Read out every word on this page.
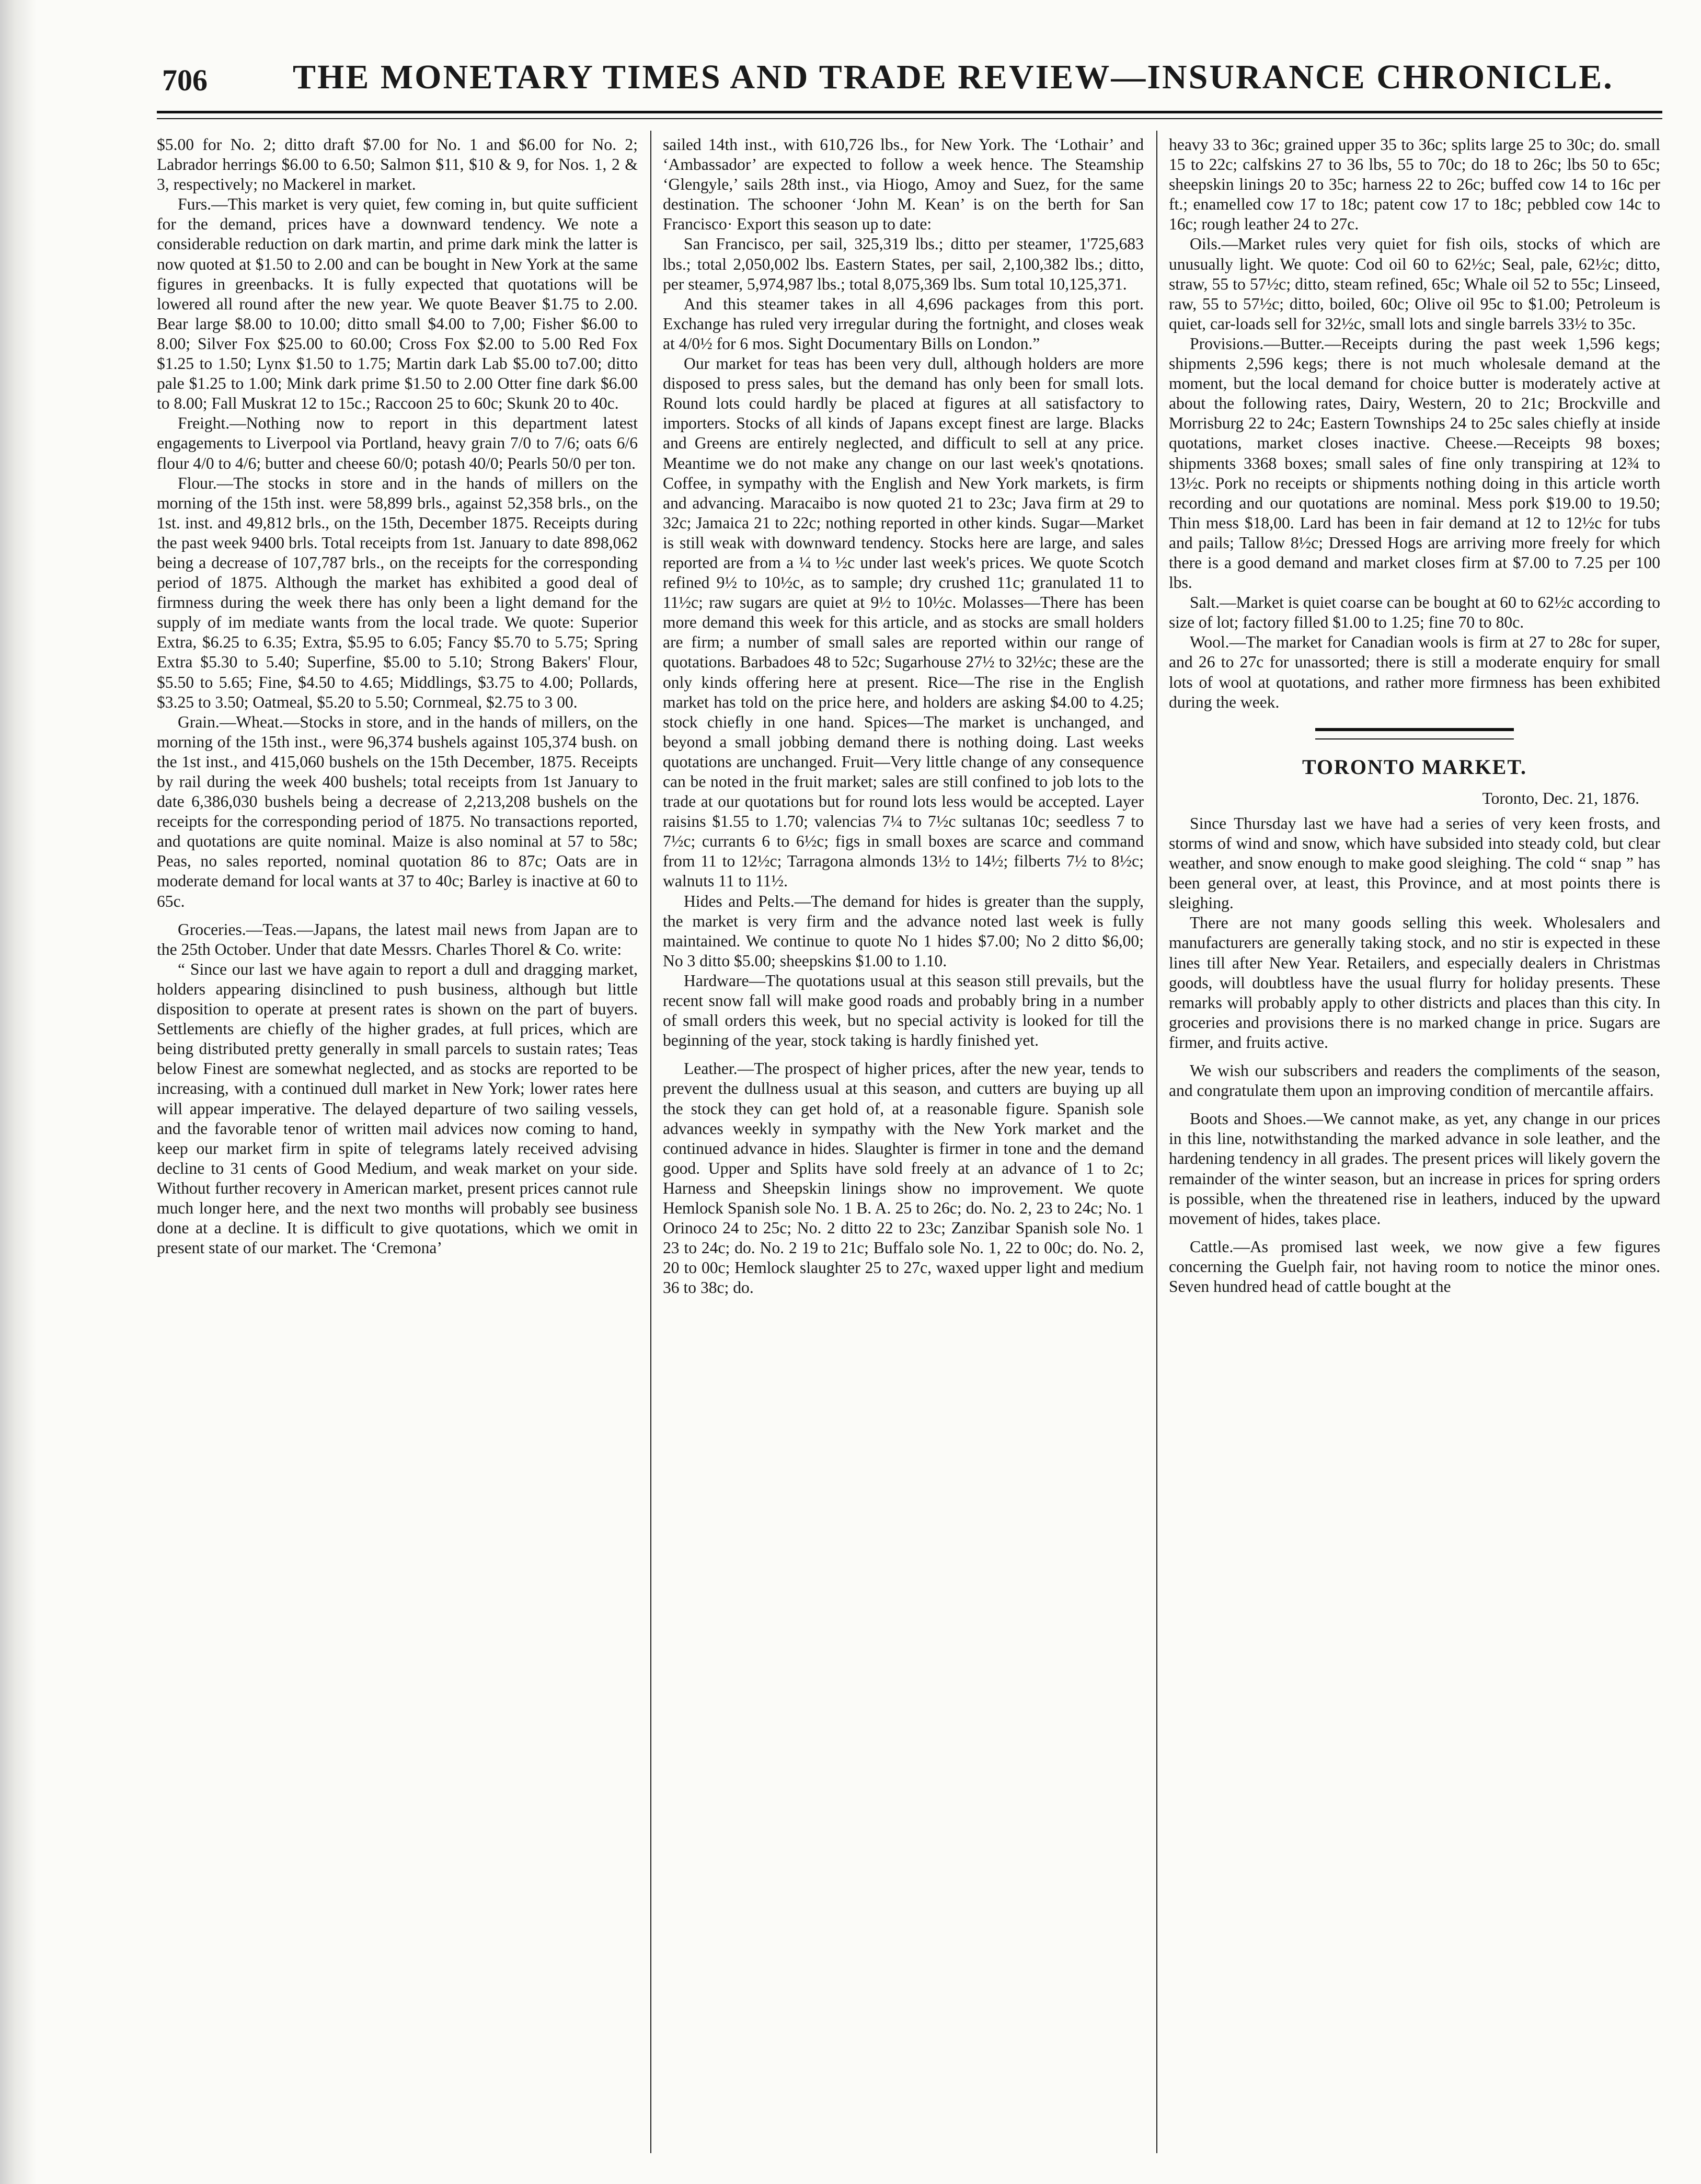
706 THE MONETARY TIMES AND TRADE REVIEW—INSURANCE CHRONICLE.

$5.00 for No. 2; ditto draft $7.00 for No. 1 and $6.00 for No. 2; Labrador herrings $6.00 to 6.50; Salmon $11, $10 & 9, for Nos. 1, 2 & 3, respectively; no Mackerel in market.

Furs.—This market is very quiet, few coming in, but quite sufficient for the demand, prices have a downward tendency. We note a considerable reduction on dark martin, and prime dark mink the latter is now quoted at $1.50 to 2.00 and can be bought in New York at the same figures in greenbacks. It is fully expected that quotations will be lowered all round after the new year. We quote Beaver $1.75 to 2.00. Bear large $8.00 to 10.00; ditto small $4.00 to 7,00; Fisher $6.00 to 8.00; Silver Fox $25.00 to 60.00; Cross Fox $2.00 to 5.00 Red Fox $1.25 to 1.50; Lynx $1.50 to 1.75; Martin dark Lab $5.00 to7.00; ditto pale $1.25 to 1.00; Mink dark prime $1.50 to 2.00 Otter fine dark $6.00 to 8.00; Fall Muskrat 12 to 15c.; Raccoon 25 to 60c; Skunk 20 to 40c.

Freight.—Nothing now to report in this department latest engagements to Liverpool via Portland, heavy grain 7/0 to 7/6; oats 6/6 flour 4/0 to 4/6; butter and cheese 60/0; potash 40/0; Pearls 50/0 per ton.

Flour.—The stocks in store and in the hands of millers on the morning of the 15th inst. were 58,899 brls., against 52,358 brls., on the 1st. inst. and 49,812 brls., on the 15th, December 1875. Receipts during the past week 9400 brls. Total receipts from 1st. January to date 898,062 being a decrease of 107,787 brls., on the receipts for the corresponding period of 1875. Although the market has exhibited a good deal of firmness during the week there has only been a light demand for the supply of im mediate wants from the local trade. We quote: Superior Extra, $6.25 to 6.35; Extra, $5.95 to 6.05; Fancy $5.70 to 5.75; Spring Extra $5.30 to 5.40; Superfine, $5.00 to 5.10; Strong Bakers' Flour, $5.50 to 5.65; Fine, $4.50 to 4.65; Middlings, $3.75 to 4.00; Pollards, $3.25 to 3.50; Oatmeal, $5.20 to 5.50; Cornmeal, $2.75 to 3 00.

Grain.—Wheat.—Stocks in store, and in the hands of millers, on the morning of the 15th inst., were 96,374 bushels against 105,374 bush. on the 1st inst., and 415,060 bushels on the 15th December, 1875. Receipts by rail during the week 400 bushels; total receipts from 1st January to date 6,386,030 bushels being a decrease of 2,213,208 bushels on the receipts for the corresponding period of 1875. No transactions reported, and quotations are quite nominal. Maize is also nominal at 57 to 58c; Peas, no sales reported, nominal quotation 86 to 87c; Oats are in moderate demand for local wants at 37 to 40c; Barley is inactive at 60 to 65c.

Groceries.—Teas.—Japans, the latest mail news from Japan are to the 25th October. Under that date Messrs. Charles Thorel & Co. write:

“ Since our last we have again to report a dull and dragging market, holders appearing disinclined to push business, although but little disposition to operate at present rates is shown on the part of buyers. Settlements are chiefly of the higher grades, at full prices, which are being distributed pretty generally in small parcels to sustain rates; Teas below Finest are somewhat neglected, and as stocks are reported to be increasing, with a continued dull market in New York; lower rates here will appear imperative. The delayed departure of two sailing vessels, and the favorable tenor of written mail advices now coming to hand, keep our market firm in spite of telegrams lately received advising decline to 31 cents of Good Medium, and weak market on your side. Without further recovery in American market, present prices cannot rule much longer here, and the next two months will probably see business done at a decline. It is difficult to give quotations, which we omit in present state of our market. The ‘Cremona’

sailed 14th inst., with 610,726 lbs., for New York. The ‘Lothair’ and ‘Ambassador’ are expected to follow a week hence. The Steamship ‘Glengyle,’ sails 28th inst., via Hiogo, Amoy and Suez, for the same destination. The schooner ‘John M. Kean’ is on the berth for San Francisco· Export this season up to date:

San Francisco, per sail, 325,319 lbs.; ditto per steamer, 1'725,683 lbs.; total 2,050,002 lbs. Eastern States, per sail, 2,100,382 lbs.; ditto, per steamer, 5,974,987 lbs.; total 8,075,369 lbs. Sum total 10,125,371.

And this steamer takes in all 4,696 packages from this port. Exchange has ruled very irregular during the fortnight, and closes weak at 4/0½ for 6 mos. Sight Documentary Bills on London.”

Our market for teas has been very dull, although holders are more disposed to press sales, but the demand has only been for small lots. Round lots could hardly be placed at figures at all satisfactory to importers. Stocks of all kinds of Japans except finest are large. Blacks and Greens are entirely neglected, and difficult to sell at any price. Meantime we do not make any change on our last week's qnotations. Coffee, in sympathy with the English and New York markets, is firm and advancing. Maracaibo is now quoted 21 to 23c; Java firm at 29 to 32c; Jamaica 21 to 22c; nothing reported in other kinds. Sugar—Market is still weak with downward tendency. Stocks here are large, and sales reported are from a ¼ to ½c under last week's prices. We quote Scotch refined 9½ to 10½c, as to sample; dry crushed 11c; granulated 11 to 11½c; raw sugars are quiet at 9½ to 10½c. Molasses—There has been more demand this week for this article, and as stocks are small holders are firm; a number of small sales are reported within our range of quotations. Barbadoes 48 to 52c; Sugarhouse 27½ to 32½c; these are the only kinds offering here at present. Rice—The rise in the English market has told on the price here, and holders are asking $4.00 to 4.25; stock chiefly in one hand. Spices—The market is unchanged, and beyond a small jobbing demand there is nothing doing. Last weeks quotations are unchanged. Fruit—Very little change of any consequence can be noted in the fruit market; sales are still confined to job lots to the trade at our quotations but for round lots less would be accepted. Layer raisins $1.55 to 1.70; valencias 7¼ to 7½c sultanas 10c; seedless 7 to 7½c; currants 6 to 6½c; figs in small boxes are scarce and command from 11 to 12½c; Tarragona almonds 13½ to 14½; filberts 7½ to 8½c; walnuts 11 to 11½.

Hides and Pelts.—The demand for hides is greater than the supply, the market is very firm and the advance noted last week is fully maintained. We continue to quote No 1 hides $7.00; No 2 ditto $6,00; No 3 ditto $5.00; sheepskins $1.00 to 1.10.

Hardware—The quotations usual at this season still prevails, but the recent snow fall will make good roads and probably bring in a number of small orders this week, but no special activity is looked for till the beginning of the year, stock taking is hardly finished yet.

Leather.—The prospect of higher prices, after the new year, tends to prevent the dullness usual at this season, and cutters are buying up all the stock they can get hold of, at a reasonable figure. Spanish sole advances weekly in sympathy with the New York market and the continued advance in hides. Slaughter is firmer in tone and the demand good. Upper and Splits have sold freely at an advance of 1 to 2c; Harness and Sheepskin linings show no improvement. We quote Hemlock Spanish sole No. 1 B. A. 25 to 26c; do. No. 2, 23 to 24c; No. 1 Orinoco 24 to 25c; No. 2 ditto 22 to 23c; Zanzibar Spanish sole No. 1 23 to 24c; do. No. 2 19 to 21c; Buffalo sole No. 1, 22 to 00c; do. No. 2, 20 to 00c; Hemlock slaughter 25 to 27c, waxed upper light and medium 36 to 38c; do.

heavy 33 to 36c; grained upper 35 to 36c; splits large 25 to 30c; do. small 15 to 22c; calfskins 27 to 36 lbs, 55 to 70c; do 18 to 26c; lbs 50 to 65c; sheepskin linings 20 to 35c; harness 22 to 26c; buffed cow 14 to 16c per ft.; enamelled cow 17 to 18c; patent cow 17 to 18c; pebbled cow 14c to 16c; rough leather 24 to 27c.

Oils.—Market rules very quiet for fish oils, stocks of which are unusually light. We quote: Cod oil 60 to 62½c; Seal, pale, 62½c; ditto, straw, 55 to 57½c; ditto, steam refined, 65c; Whale oil 52 to 55c; Linseed, raw, 55 to 57½c; ditto, boiled, 60c; Olive oil 95c to $1.00; Petroleum is quiet, car-loads sell for 32½c, small lots and single barrels 33½ to 35c.

Provisions.—Butter.—Receipts during the past week 1,596 kegs; shipments 2,596 kegs; there is not much wholesale demand at the moment, but the local demand for choice butter is moderately active at about the following rates, Dairy, Western, 20 to 21c; Brockville and Morrisburg 22 to 24c; Eastern Townships 24 to 25c sales chiefly at inside quotations, market closes inactive. Cheese.—Receipts 98 boxes; shipments 3368 boxes; small sales of fine only transpiring at 12¾ to 13½c. Pork no receipts or shipments nothing doing in this article worth recording and our quotations are nominal. Mess pork $19.00 to 19.50; Thin mess $18,00. Lard has been in fair demand at 12 to 12½c for tubs and pails; Tallow 8½c; Dressed Hogs are arriving more freely for which there is a good demand and market closes firm at $7.00 to 7.25 per 100 lbs.

Salt.—Market is quiet coarse can be bought at 60 to 62½c according to size of lot; factory filled $1.00 to 1.25; fine 70 to 80c.

Wool.—The market for Canadian wools is firm at 27 to 28c for super, and 26 to 27c for unassorted; there is still a moderate enquiry for small lots of wool at quotations, and rather more firmness has been exhibited during the week.

TORONTO MARKET.

Toronto, Dec. 21, 1876.

Since Thursday last we have had a series of very keen frosts, and storms of wind and snow, which have subsided into steady cold, but clear weather, and snow enough to make good sleighing. The cold “ snap ” has been general over, at least, this Province, and at most points there is sleighing.

There are not many goods selling this week. Wholesalers and manufacturers are generally taking stock, and no stir is expected in these lines till after New Year. Retailers, and especially dealers in Christmas goods, will doubtless have the usual flurry for holiday presents. These remarks will probably apply to other districts and places than this city. In groceries and provisions there is no marked change in price. Sugars are firmer, and fruits active.

We wish our subscribers and readers the compliments of the season, and congratulate them upon an improving condition of mercantile affairs.

Boots and Shoes.—We cannot make, as yet, any change in our prices in this line, notwithstanding the marked advance in sole leather, and the hardening tendency in all grades. The present prices will likely govern the remainder of the winter season, but an increase in prices for spring orders is possible, when the threatened rise in leathers, induced by the upward movement of hides, takes place.

Cattle.—As promised last week, we now give a few figures concerning the Guelph fair, not having room to notice the minor ones. Seven hundred head of cattle bought at the
